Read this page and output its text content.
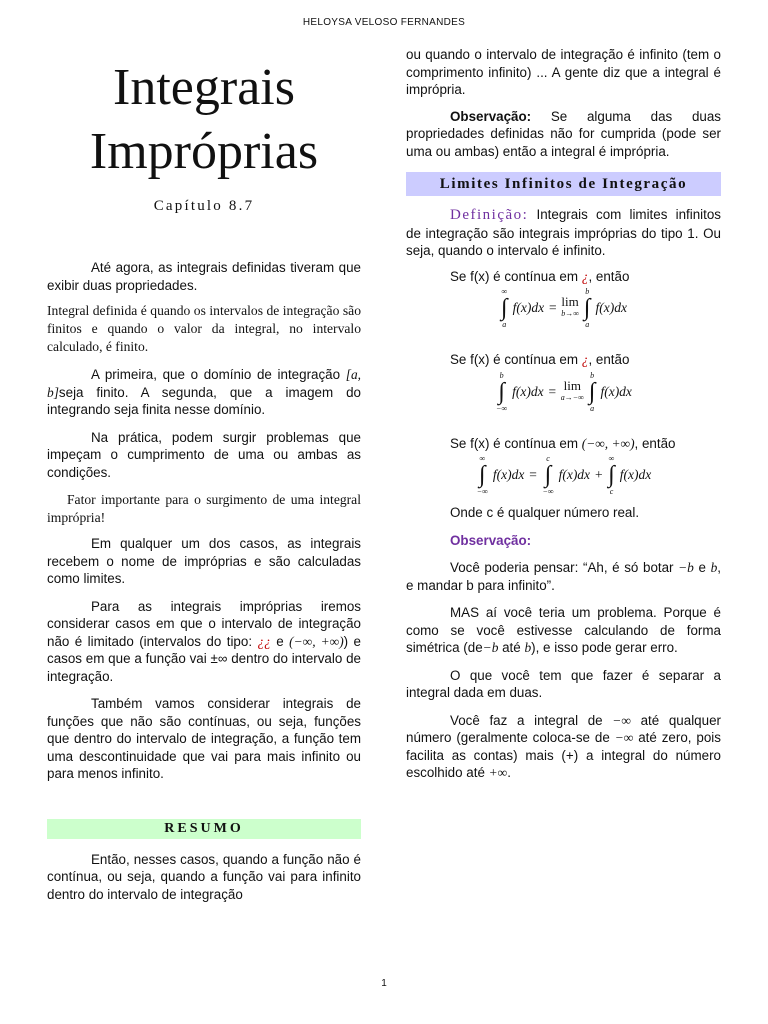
HELOYSA VELOSO FERNANDES
Integrais
Impróprias
Capítulo 8.7

Até agora, as integrais definidas tiveram que exibir duas propriedades.

Integral definida é quando os intervalos de integração são finitos e quando o valor da integral, no intervalo calculado, é finito.

A primeira, que o domínio de integração [a, b]seja finito. A segunda, que a imagem do integrando seja finita nesse domínio.

Na prática, podem surgir problemas que impeçam o cumprimento de uma ou ambas as condições.

Fator importante para o surgimento de uma integral imprópria!

Em qualquer um dos casos, as integrais recebem o nome de impróprias e são calculadas como limites.

Para as integrais impróprias iremos considerar casos em que o intervalo de integração não é limitado (intervalos do tipo: ¿¿ e (−∞, +∞)) e casos em que a função vai ±∞ dentro do intervalo de integração.

Também vamos considerar integrais de funções que não são contínuas, ou seja, funções que dentro do intervalo de integração, a função tem uma descontinuidade que vai para mais infinito ou para menos infinito.

RESUMO

Então, nesses casos, quando a função não é contínua, ou seja, quando a função vai para infinito dentro do intervalo de integração

ou quando o intervalo de integração é infinito (tem o comprimento infinito) ... A gente diz que a integral é imprópria.

Observação: Se alguma das duas propriedades definidas não for cumprida (pode ser uma ou ambas) então a integral é imprópria.

Limites Infinitos de Integração

Definição: Integrais com limites infinitos de integração são integrais impróprias do tipo 1. Ou seja, quando o intervalo é infinito.

Se f(x) é contínua em ¿, então

∞
∫
a
f(x)dx = lim
b→∞
b
∫
a
f(x)dx

Se f(x) é contínua em ¿, então

b
∫
−∞
f(x)dx = lim
a→−∞
b
∫
a
f(x)dx

Se f(x) é contínua em (−∞, +∞), então

∞
∫
−∞
f(x)dx =
c
∫
−∞
f(x)dx +
∞
∫
c
f(x)dx

Onde c é qualquer número real.

Observação:

Você poderia pensar: “Ah, é só botar −b e b, e mandar b para infinito”.

MAS aí você teria um problema. Porque é como se você estivesse calculando de forma simétrica (de−b até b), e isso pode gerar erro.

O que você tem que fazer é separar a integral dada em duas.

Você faz a integral de −∞ até qualquer número (geralmente coloca-se de −∞ até zero, pois facilita as contas) mais (+) a integral do número escolhido até +∞.

1
